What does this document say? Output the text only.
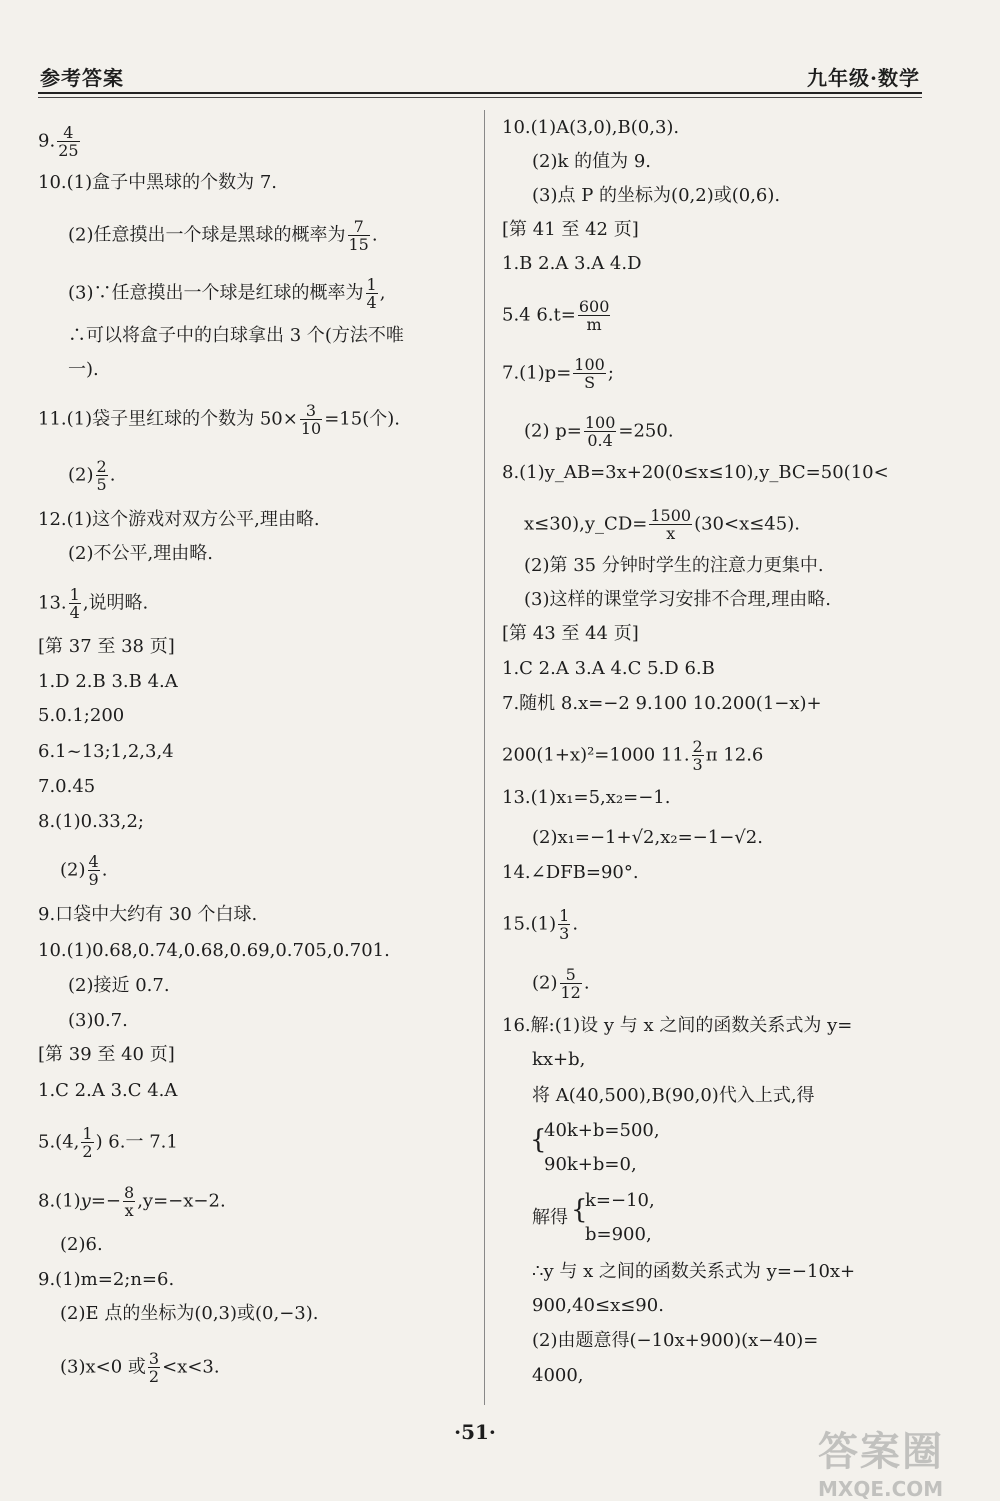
参考答案	九年级·数学
9. $\frac{4}{25}$
10.(1)盒子中黑球的个数为 7.
(2)任意摸出一个球是黑球的概率为 $\frac{7}{15}$ .
(3)∵任意摸出一个球是红球的概率为 $\frac{1}{4}$ ,
∴可以将盒子中的白球拿出 3 个(方法不唯
一).
11.(1)袋子里红球的个数为 $50\times \frac{3}{10} =15$(个).
$(2) \frac{2}{5}$ .
12.(1)这个游戏对双方公平,理由略.
(2)不公平,理由略.
13. $\frac{1}{4}$ ,说明略.
[第 37 至 38 页]
1.D 2.B 3.B 4.A
5.0.1;200
6.1~13;1,2,3,4
7.0.45
8.(1)0.33,2;
$(2) \frac{4}{9}$ .
9.口袋中大约有 30 个白球.
10.(1)0.68,0.74,0.68,0.69,0.705,0.701.
(2)接近 0.7.
(3)0.7.
[第 39 至 40 页]
1.C 2.A 3.C 4.A
5.(4, $\frac{1}{2}$ ) 6.一 7.1
$8.(1)y=- \frac{8}{x} ,y=-x-2$.
(2)6.
9.(1)m=2;n=6.
(2)E 点的坐标为(0,3)或(0,−3).
(3)x<0 或 $\frac{3}{2} <x<3$.
10.(1)A(3,0),B(0,3).
(2)k 的值为 9.
(3)点 P 的坐标为(0,2)或(0,6).
[第 41 至 42 页]
1.B 2.A 3.A 4.D
5.4 $6.t= \frac{600}{m}$
$7.(1)p= \frac{100}{S}$ ;
(2) $p= \frac{100}{0.4} =250$.
8.(1)y_AB=3x+20(0≤x≤10),y_BC=50(10<
x≤30),y_CD= $\frac{1500}{x} (30<x\le 45)$.
(2)第 35 分钟时学生的注意力更集中.
(3)这样的课堂学习安排不合理,理由略.
[第 43 至 44 页]
1.C 2.A 3.A 4.C 5.D 6.B
7.随机 8.x=−2 9.100 10.200(1−x)+
200(1+x)²=1000 11. $\frac{2}{3}$ π 12.6
13.(1)x₁=5,x₂=−1.
(2)x₁=−1+√2,x₂=−1−√2.
14.∠DFB=90°.
$15.(1) \frac{1}{3}$ .
$(2) \frac{5}{12}$ .
16.解:(1)设 y 与 x 之间的函数关系式为 y=
kx+b,
将 A(40,500),B(90,0)代入上式,得
{
40k+b=500,
90k+b=0,
解得 {
k=−10,
b=900,
∴y 与 x 之间的函数关系式为 y=−10x+
900,40≤x≤90.
(2)由题意得(−10x+900)(x−40)=
4000,
·51·	答案圈
MXQE.COM
